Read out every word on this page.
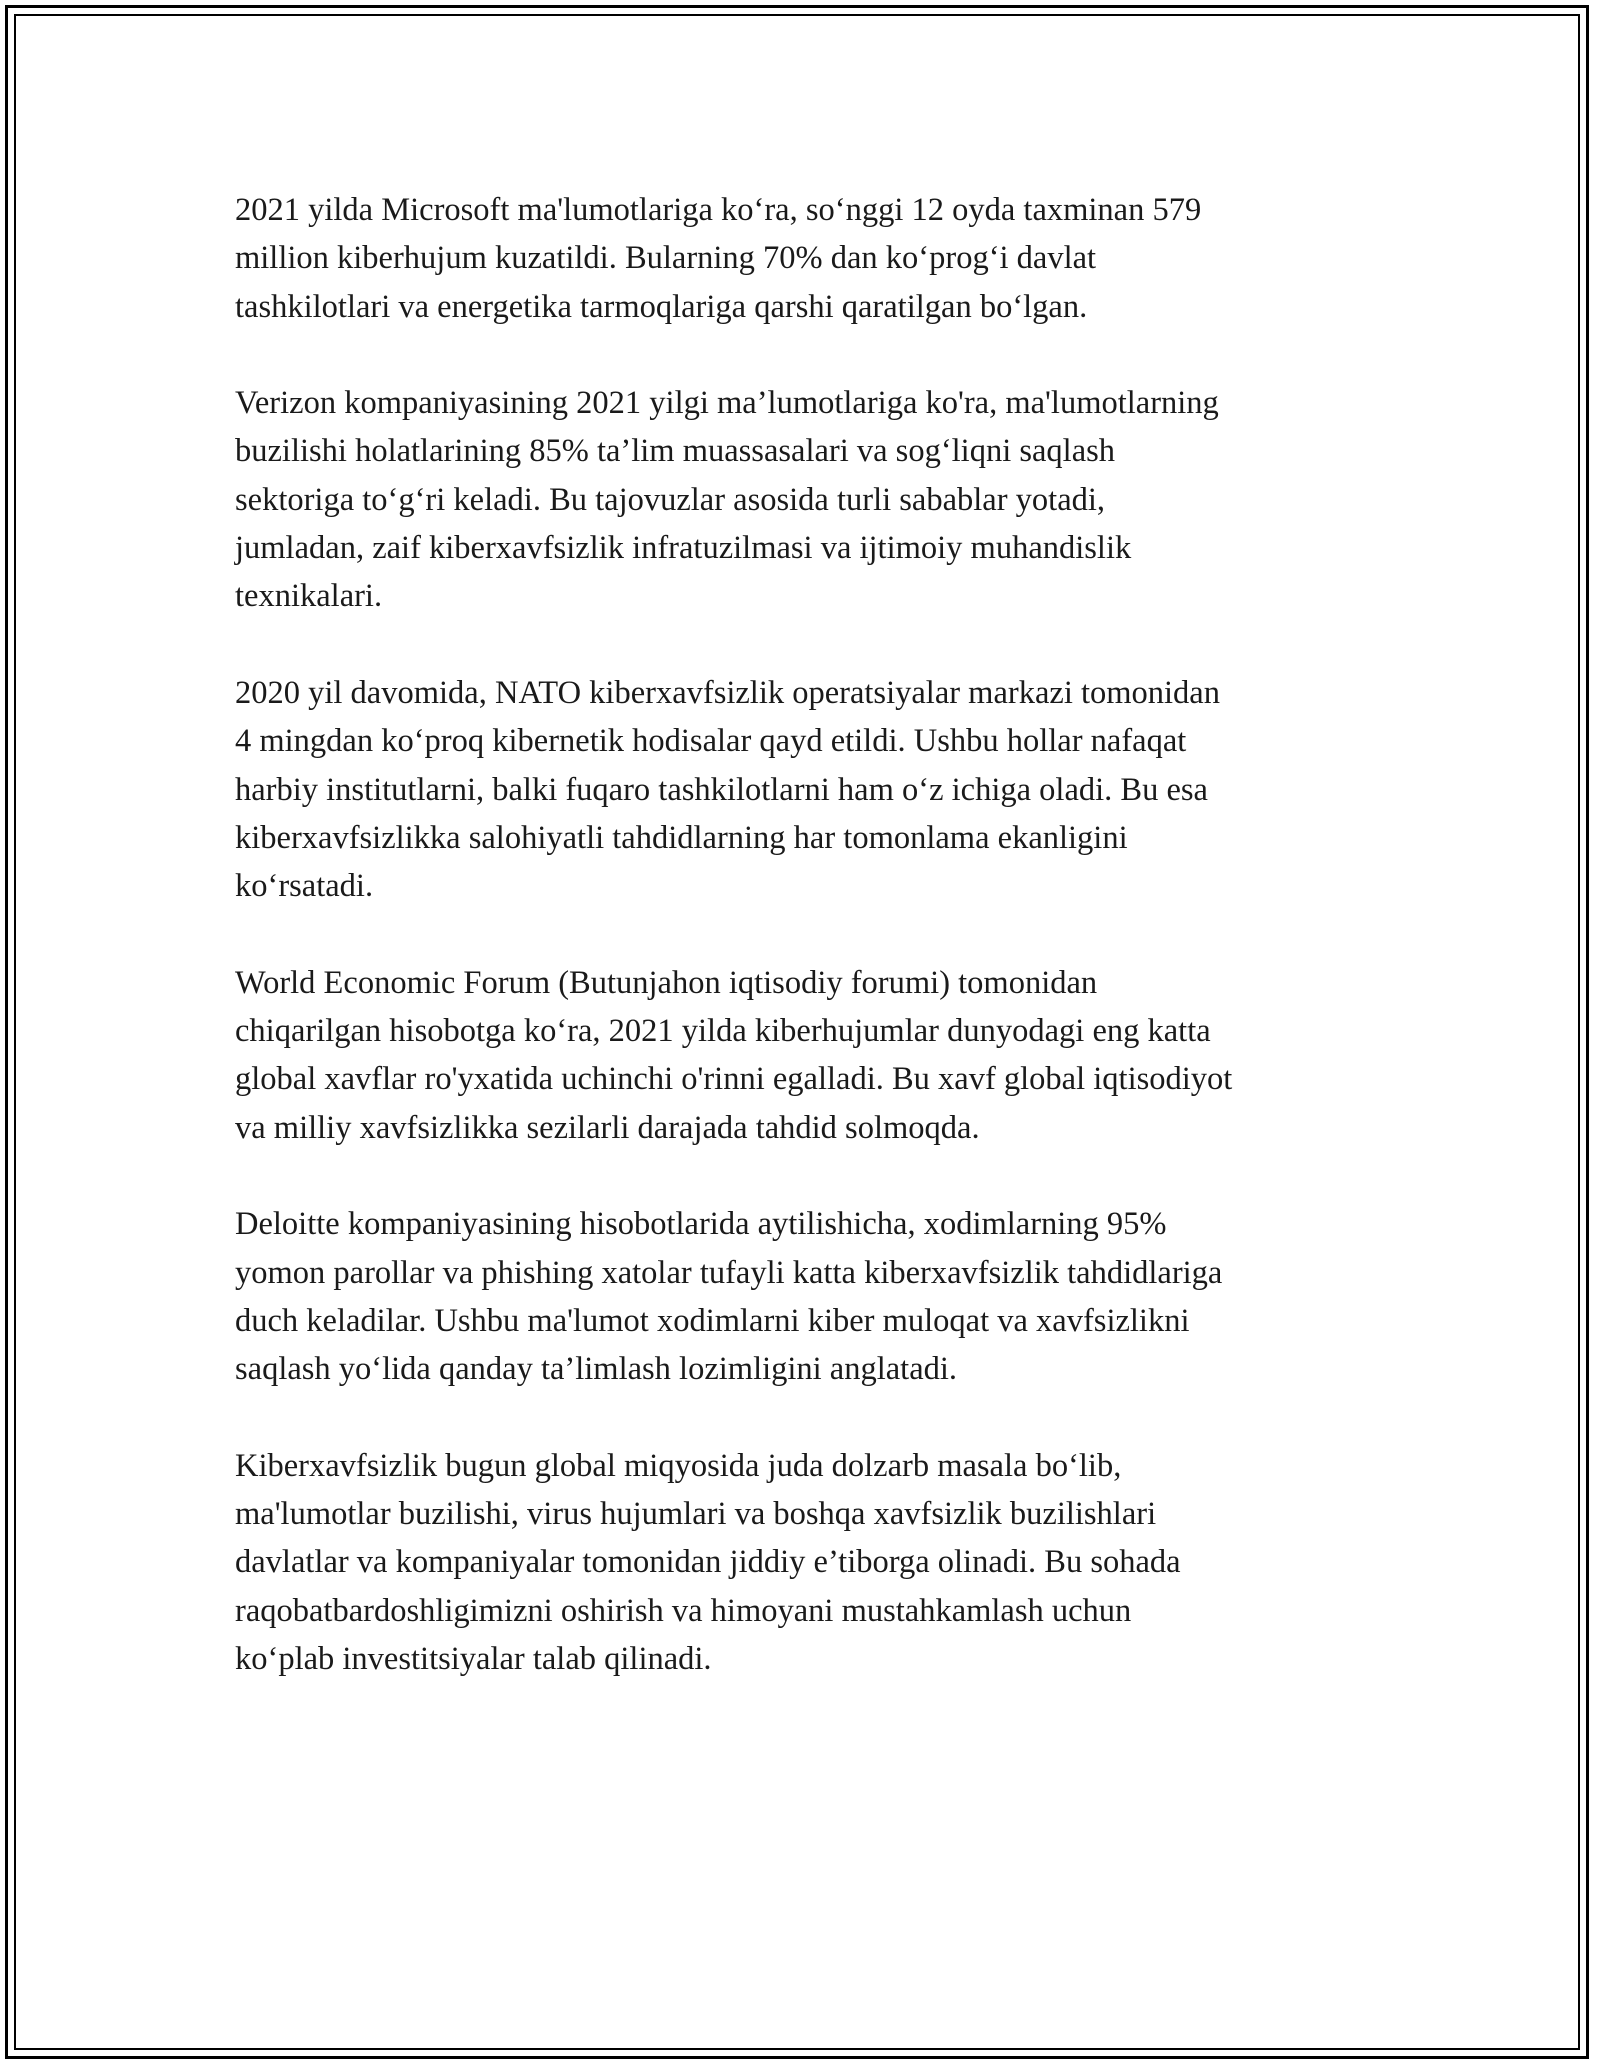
2021 yilda Microsoft ma'lumotlariga ko‘ra, so‘nggi 12 oyda taxminan 579
million kiberhujum kuzatildi. Bularning 70% dan ko‘prog‘i davlat
tashkilotlari va energetika tarmoqlariga qarshi qaratilgan bo‘lgan.

Verizon kompaniyasining 2021 yilgi ma’lumotlariga ko'ra, ma'lumotlarning
buzilishi holatlarining 85% ta’lim muassasalari va sog‘liqni saqlash
sektoriga to‘g‘ri keladi. Bu tajovuzlar asosida turli sabablar yotadi,
jumladan, zaif kiberxavfsizlik infratuzilmasi va ijtimoiy muhandislik
texnikalari.

2020 yil davomida, NATO kiberxavfsizlik operatsiyalar markazi tomonidan
4 mingdan ko‘proq kibernetik hodisalar qayd etildi. Ushbu hollar nafaqat
harbiy institutlarni, balki fuqaro tashkilotlarni ham o‘z ichiga oladi. Bu esa
kiberxavfsizlikka salohiyatli tahdidlarning har tomonlama ekanligini
ko‘rsatadi.

World Economic Forum (Butunjahon iqtisodiy forumi) tomonidan
chiqarilgan hisobotga ko‘ra, 2021 yilda kiberhujumlar dunyodagi eng katta
global xavflar ro'yxatida uchinchi o'rinni egalladi. Bu xavf global iqtisodiyot
va milliy xavfsizlikka sezilarli darajada tahdid solmoqda.

Deloitte kompaniyasining hisobotlarida aytilishicha, xodimlarning 95%
yomon parollar va phishing xatolar tufayli katta kiberxavfsizlik tahdidlariga
duch keladilar. Ushbu ma'lumot xodimlarni kiber muloqat va xavfsizlikni
saqlash yo‘lida qanday ta’limlash lozimligini anglatadi.

Kiberxavfsizlik bugun global miqyosida juda dolzarb masala bo‘lib,
ma'lumotlar buzilishi, virus hujumlari va boshqa xavfsizlik buzilishlari
davlatlar va kompaniyalar tomonidan jiddiy e’tiborga olinadi. Bu sohada
raqobatbardoshligimizni oshirish va himoyani mustahkamlash uchun
ko‘plab investitsiyalar talab qilinadi.
